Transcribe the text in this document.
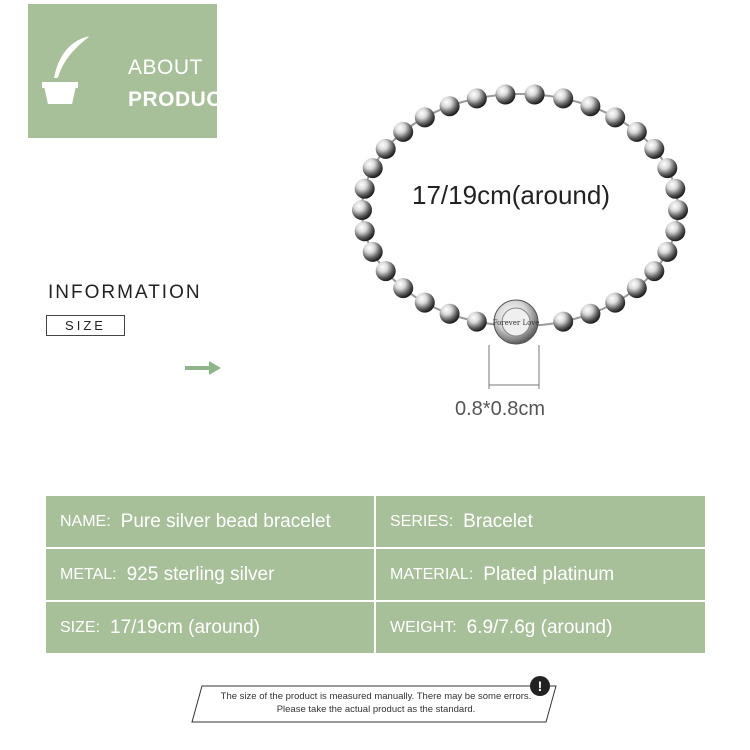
ABOUT
PRODUCT
INFORMATION
SIZE	Forever Love
17/19cm(around)
0.8*0.8cm
NAME: Pure silver bead bracelet	SERIES: Bracelet
METAL: 925 sterling silver	MATERIAL: Plated platinum
SIZE: 17/19cm (around)	WEIGHT: 6.9/7.6g (around)
!
The size of the product is measured manually. There may be some errors.
Please take the actual product as the standard.
